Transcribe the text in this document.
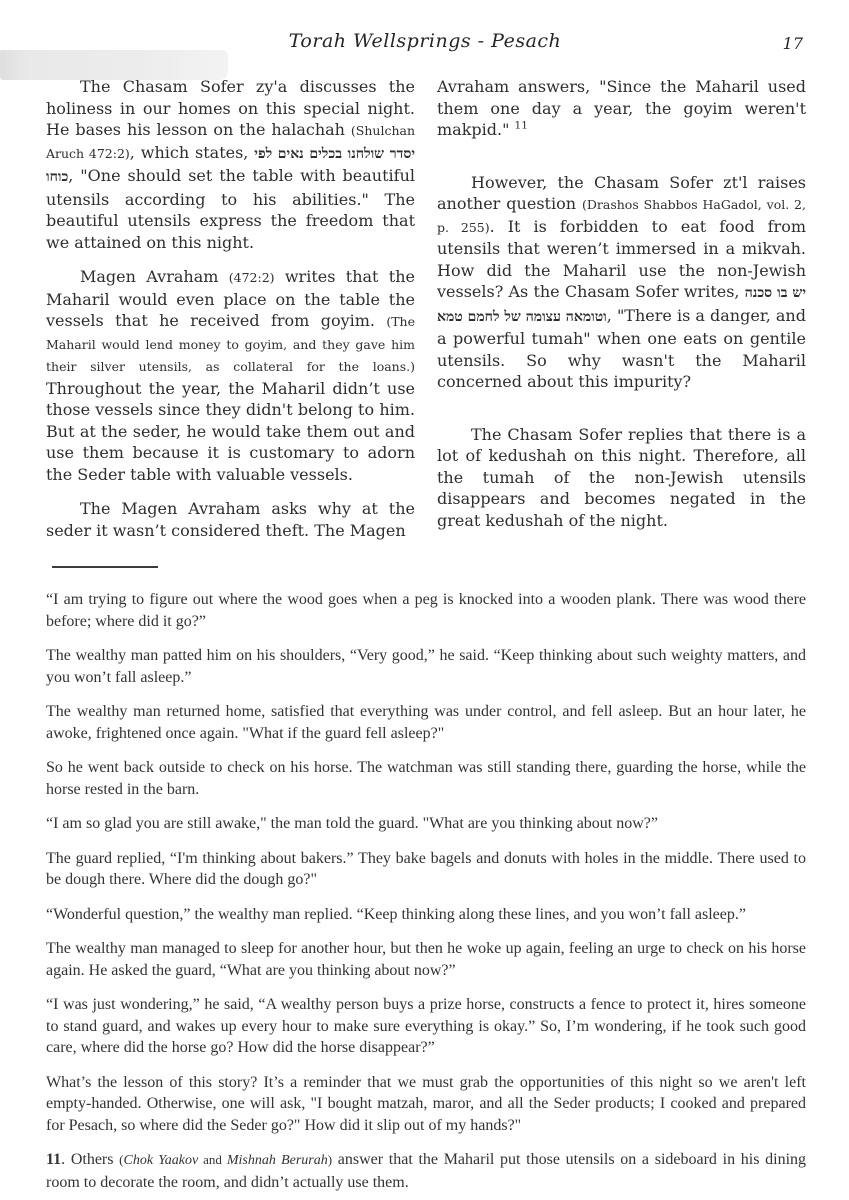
Torah Wellsprings - Pesach	17

The Chasam Sofer zy'a discusses the holiness in our homes on this special night. He bases his lesson on the halachah (Shulchan Aruch 472:2), which states, יסדר שולחנו בכלים נאים לפי כוחו, "One should set the table with beautiful utensils according to his abilities." The beautiful utensils express the freedom that we attained on this night.

Magen Avraham (472:2) writes that the Maharil would even place on the table the vessels that he received from goyim. (The Maharil would lend money to goyim, and they gave him their silver utensils, as collateral for the loans.) Throughout the year, the Maharil didn’t use those vessels since they didn't belong to him. But at the seder, he would take them out and use them because it is customary to adorn the Seder table with valuable vessels.

The Magen Avraham asks why at the seder it wasn’t considered theft. The Magen

Avraham answers, "Since the Maharil used them one day a year, the goyim weren't makpid." $^{11}$

However, the Chasam Sofer zt'l raises another question (Drashos Shabbos HaGadol, vol. 2, p. 255). It is forbidden to eat food from utensils that weren’t immersed in a mikvah. How did the Maharil use the non-Jewish vessels? As the Chasam Sofer writes, יש בו סכנה וטומאה עצומה של לחמם טמא, "There is a danger, and a powerful tumah" when one eats on gentile utensils. So why wasn't the Maharil concerned about this impurity?

The Chasam Sofer replies that there is a lot of kedushah on this night. Therefore, all the tumah of the non-Jewish utensils disappears and becomes negated in the great kedushah of the night.

“I am trying to figure out where the wood goes when a peg is knocked into a wooden plank. There was wood there before; where did it go?”

The wealthy man patted him on his shoulders, “Very good,” he said. “Keep thinking about such weighty matters, and you won’t fall asleep.”

The wealthy man returned home, satisfied that everything was under control, and fell asleep. But an hour later, he awoke, frightened once again. "What if the guard fell asleep?"

So he went back outside to check on his horse. The watchman was still standing there, guarding the horse, while the horse rested in the barn.

“I am so glad you are still awake," the man told the guard. "What are you thinking about now?”

The guard replied, “I'm thinking about bakers.” They bake bagels and donuts with holes in the middle. There used to be dough there. Where did the dough go?"

“Wonderful question,” the wealthy man replied. “Keep thinking along these lines, and you won’t fall asleep.”

The wealthy man managed to sleep for another hour, but then he woke up again, feeling an urge to check on his horse again. He asked the guard, “What are you thinking about now?”

“I was just wondering,” he said, “A wealthy person buys a prize horse, constructs a fence to protect it, hires someone to stand guard, and wakes up every hour to make sure everything is okay.” So, I’m wondering, if he took such good care, where did the horse go? How did the horse disappear?”

What’s the lesson of this story? It’s a reminder that we must grab the opportunities of this night so we aren't left empty-handed. Otherwise, one will ask, "I bought matzah, maror, and all the Seder products; I cooked and prepared for Pesach, so where did the Seder go?" How did it slip out of my hands?"

11. Others (Chok Yaakov and Mishnah Berurah) answer that the Maharil put those utensils on a sideboard in his dining room to decorate the room, and didn’t actually use them.
